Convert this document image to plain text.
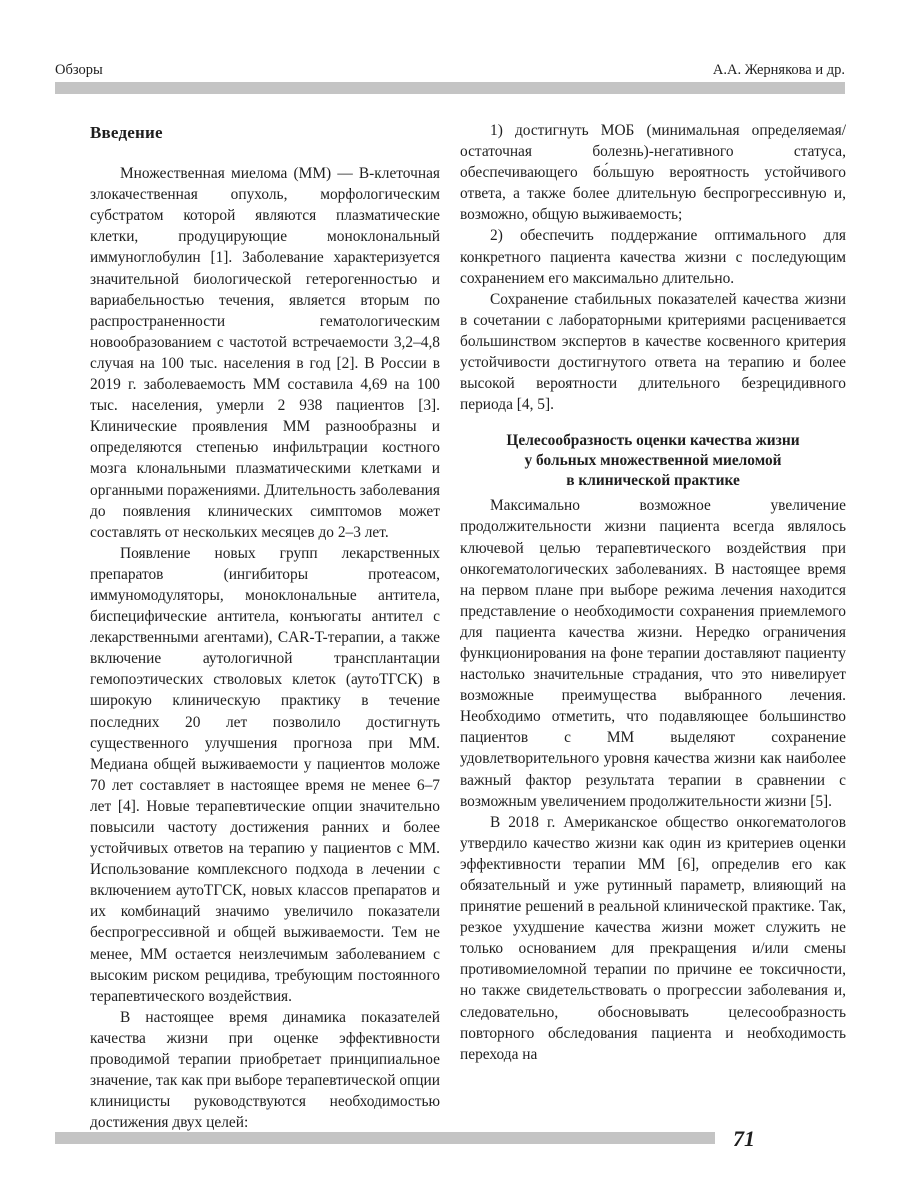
Обзоры	А.А. Жернякова и др.
Введение

Множественная миелома (ММ) — В-клеточная злокачественная опухоль, морфологическим субстратом которой являются плазматические клетки, продуцирующие моноклональный иммуноглобулин [1]. Заболевание характеризуется значительной биологической гетерогенностью и вариабельностью течения, является вторым по распространенности гематологическим новообразованием с частотой встречаемости 3,2–4,8 случая на 100 тыс. населения в год [2]. В России в 2019 г. заболеваемость ММ составила 4,69 на 100 тыс. населения, умерли 2 938 пациентов [3]. Клинические проявления ММ разнообразны и определяются степенью инфильтрации костного мозга клональными плазматическими клетками и органными поражениями. Длительность заболевания до появления клинических симптомов может составлять от нескольких месяцев до 2–3 лет.

Появление новых групп лекарственных препаратов (ингибиторы протеасом, иммуномодуляторы, моноклональные антитела, биспецифические антитела, конъюгаты антител с лекарственными агентами), CAR-T-терапии, а также включение аутологичной трансплантации гемопоэтических стволовых клеток (аутоТГСК) в широкую клиническую практику в течение последних 20 лет позволило достигнуть существенного улучшения прогноза при ММ. Медиана общей выживаемости у пациентов моложе 70 лет составляет в настоящее время не менее 6–7 лет [4]. Новые терапевтические опции значительно повысили частоту достижения ранних и более устойчивых ответов на терапию у пациентов с ММ. Использование комплексного подхода в лечении с включением аутоТГСК, новых классов препаратов и их комбинаций значимо увеличило показатели беспрогрессивной и общей выживаемости. Тем не менее, ММ остается неизлечимым заболеванием с высоким риском рецидива, требующим постоянного терапевтического воздействия.

В настоящее время динамика показателей качества жизни при оценке эффективности проводимой терапии приобретает принципиальное значение, так как при выборе терапевтической опции клиницисты руководствуются необходимостью достижения двух целей:

1) достигнуть МОБ (минимальная определяемая/остаточная болезнь)-негативного статуса, обеспечивающего бо́льшую вероятность устойчивого ответа, а также более длительную беспрогрессивную и, возможно, общую выживаемость;

2) обеспечить поддержание оптимального для конкретного пациента качества жизни с последующим сохранением его максимально длительно.

Сохранение стабильных показателей качества жизни в сочетании с лабораторными критериями расценивается большинством экспертов в качестве косвенного критерия устойчивости достигнутого ответа на терапию и более высокой вероятности длительного безрецидивного периода [4, 5].

Целесообразность оценки качества жизни
у больных множественной миеломой
в клинической практике

Максимально возможное увеличение продолжительности жизни пациента всегда являлось ключевой целью терапевтического воздействия при онкогематологических заболеваниях. В настоящее время на первом плане при выборе режима лечения находится представление о необходимости сохранения приемлемого для пациента качества жизни. Нередко ограничения функционирования на фоне терапии доставляют пациенту настолько значительные страдания, что это нивелирует возможные преимущества выбранного лечения. Необходимо отметить, что подавляющее большинство пациентов с ММ выделяют сохранение удовлетворительного уровня качества жизни как наиболее важный фактор результата терапии в сравнении с возможным увеличением продолжительности жизни [5].

В 2018 г. Американское общество онкогематологов утвердило качество жизни как один из критериев оценки эффективности терапии ММ [6], определив его как обязательный и уже рутинный параметр, влияющий на принятие решений в реальной клинической практике. Так, резкое ухудшение качества жизни может служить не только основанием для прекращения и/или смены противомиеломной терапии по причине ее токсичности, но также свидетельствовать о прогрессии заболевания и, следовательно, обосновывать целесообразность повторного обследования пациента и необходимость перехода на

71
